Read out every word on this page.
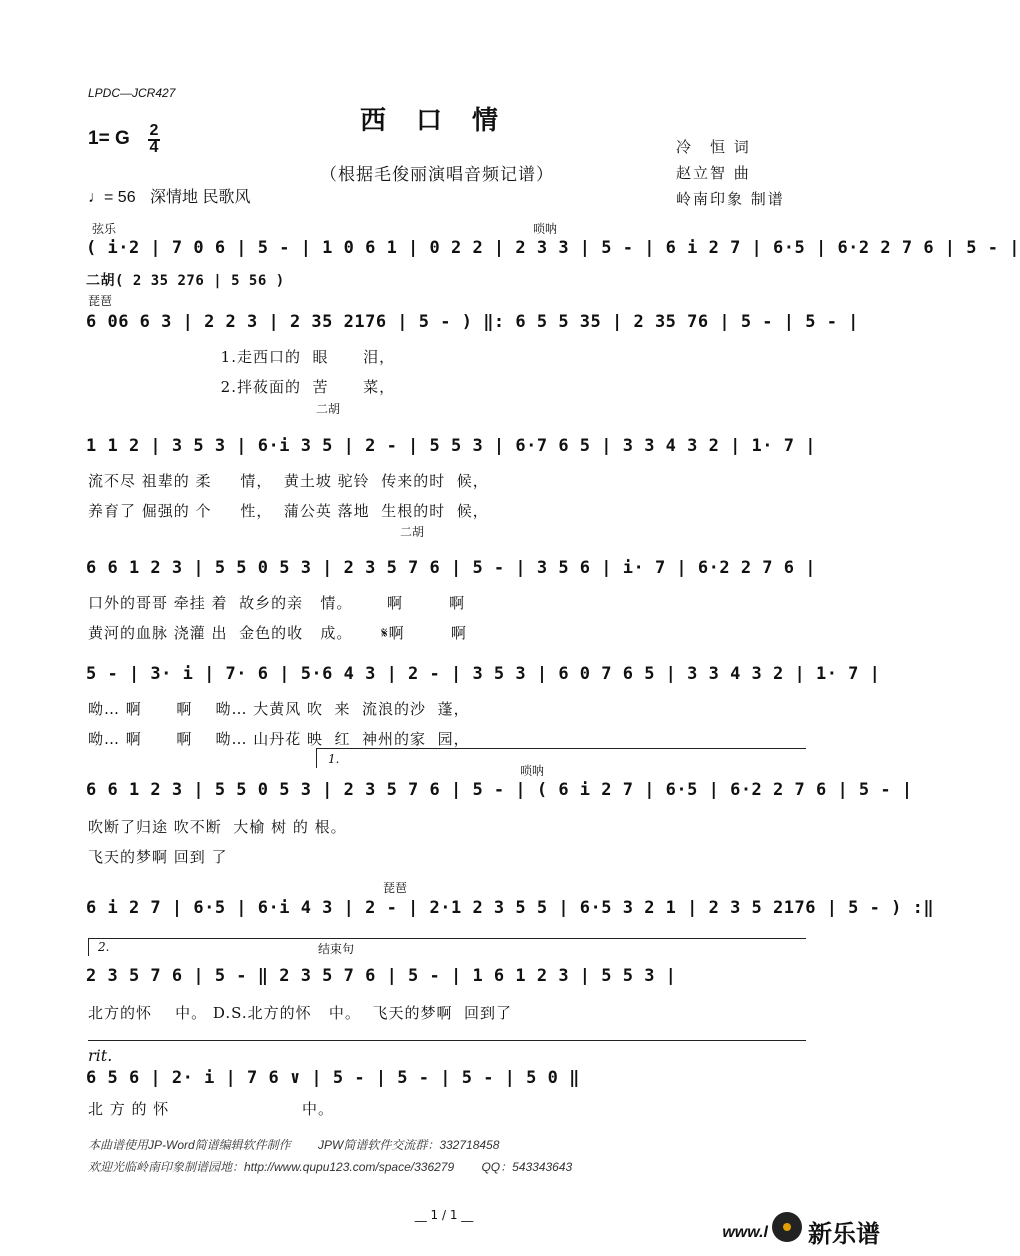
LPDC—JCR427
西口情
1= G 2
4
（根据毛俊丽演唱音频记谱）
冷　恒 词
赵立智 曲
岭南印象 制谱
♩= 56 深情地 民歌风
弦乐	唢呐
琵琶
二胡
二胡
唢呐
琵琶
1.
2.	结束句
rit.
( i·2 | 7 0 6 | 5 - | 1 0 6 1 | 0 2 2 | 2 3 3 | 5 - | 6 i 2 7 | 6·5 | 6·2 2 7 6 | 5 - |
二胡( 2 35 276 | 5 56 )
6 06 6 3 | 2 2 3 | 2 35 2176 | 5 - ) ‖: 6 5 5 35 | 2 35 76 | 5 - | 5 - |
1.走西口的  眼      泪，
2.拌莜面的  苦      菜，
1 1 2 | 3 5 3 | 6·i 3 5 | 2 - | 5 5 3 | 6·7 6 5 | 3 3 4 3 2 | 1· 7 |
流不尽 祖辈的 柔     情，  黄土坡 驼铃  传来的时  候，
养育了 倔强的 个     性，  蒲公英 落地  生根的时  候，
6 6 1 2 3 | 5 5 0 5 3 | 2 3 5 7 6 | 5 - | 3 5 6 | i· 7 | 6·2 2 7 6 |
口外的哥哥 牵挂 着  故乡的亲   情。      啊        啊
黄河的血脉 浇灌 出  金色的收   成。     𝄋啊        啊
5 - | 3· i | 7· 6 | 5·6 4 3 | 2 - | 3 5 3 | 6 0 7 6 5 | 3 3 4 3 2 | 1· 7 |
呦… 啊      啊    呦… 大黄风 吹  来  流浪的沙  蓬，
呦… 啊      啊    呦… 山丹花 映  红  神州的家  园，
6 6 1 2 3 | 5 5 0 5 3 | 2 3 5 7 6 | 5 - | ( 6 i 2 7 | 6·5 | 6·2 2 7 6 | 5 - |
吹断了归途 吹不断  大榆 树 的 根。
飞天的梦啊 回到 了
6 i 2 7 | 6·5 | 6·i 4 3 | 2 - | 2·1 2 3 5 5 | 6·5 3 2 1 | 2 3 5 2176 | 5 - ) :‖
2 3 5 7 6 | 5 - ‖ 2 3 5 7 6 | 5 - | 1 6 1 2 3 | 5 5 3 |
北方的怀    中。 D.S.北方的怀   中。  飞天的梦啊  回到了
6 5 6 | 2· i | 7 6 ∨ | 5 - | 5 - | 5 - | 5 0 ‖
北 方 的 怀                       中。
本曲谱使用JP-Word简谱编辑软件制作　　 JPW简谱软件交流群：332718458
欢迎光临岭南印象制谱园地：http://www.qupu123.com/space/336279　　 QQ：543343643
__ 1 / 1 __
www.l 新乐谱
